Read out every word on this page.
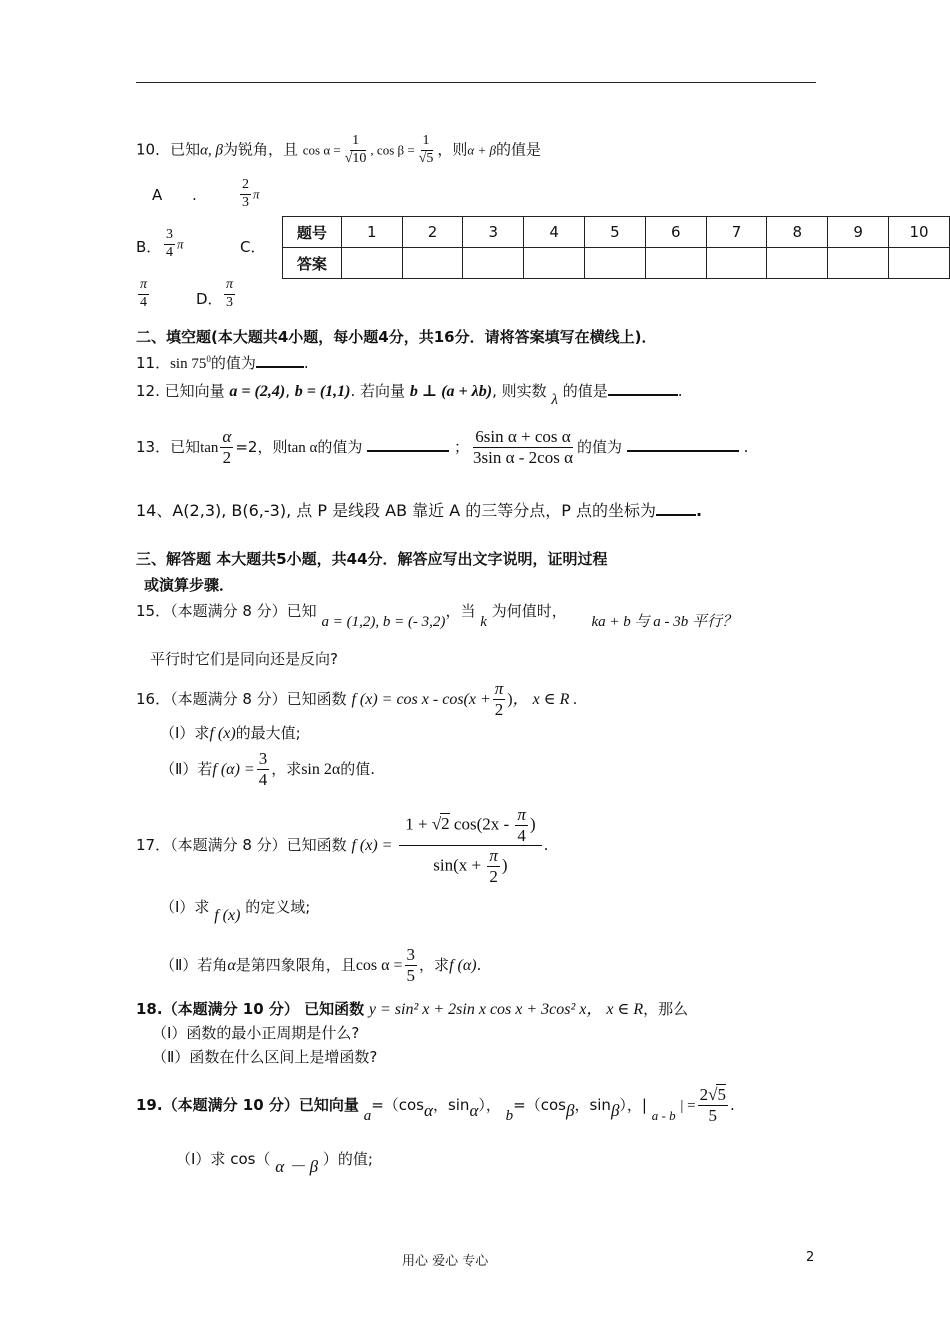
10．已知α, β为锐角，且 $\cos \alpha = \frac{1}{√10}$ , $\cos \beta = \frac{1}{√5}$ ，则α + β的值是
A .	$\frac{2}{3}$ π
B． $\frac{3}{4}$ π	C．
$\frac{\pi}{4}$	D． $\frac{\pi}{3}$
题号	1	2	3	4	5	6	7	8	9	10
答案										
二、填空题(本大题共4小题，每小题4分，共16分．请将答案填写在横线上)．
11．$\sin 75^0$的值为	.
12. 已知向量 a = (2,4), b = (1,1). 若向量 b ⊥ (a + λb), 则实数 λ 的值是	.
13．已知$\tan \frac{\alpha}{2} =2$，则tan α的值为	； $\frac{\text{6sin α + cos α}}{\text{3sin α - 2cos α}}$ 的值为	.
14、A(2,3), B(6,-3), 点 P 是线段 AB 靠近 A 的三等分点，P 点的坐标为	.
三、解答题 本大题共5小题，共44分．解答应写出文字说明，证明过程
或演算步骤．
15．（本题满分 8 分）已知 a = (1,2), b = (- 3,2)，当 k 为何值时， ka + b 与 a - 3b 平行？
平行时它们是同向还是反向?
16．（本题满分 8 分）已知函数 f $(x) = \cos x - \cos(x + \frac{\pi}{2}$ )， x ∈ R .
（Ⅰ）求f (x)的最大值;
（Ⅱ）若f $(\alpha) = \frac{3}{4}$ ，求sin 2α的值.
17．（本题满分 8 分）已知函数 f $(x) = \frac{1 + √2 \cos(2x - \frac{\pi}{4} )}{\sin(x + \frac{\pi}{2} )}$ .
（Ⅰ）求 f (x) 的定义域;
（Ⅱ）若角α是第四象限角，且$\cos \alpha = \frac{3}{5}$ ，求f (α).
18.（本题满分 10 分） 已知函数 y = sin² x + 2sin x cos x + 3cos² x， x ∈ R，那么
（Ⅰ）函数的最小正周期是什么?
（Ⅱ）函数在什么区间上是增函数?
19.（本题满分 10 分）已知向量 a=（cosα，sinα）， b=（cosβ，sinβ），| a - b | = $\frac{2√5}{5}$ .
（Ⅰ）求 cos（ α － β ）的值;
用心 爱心 专心	2
